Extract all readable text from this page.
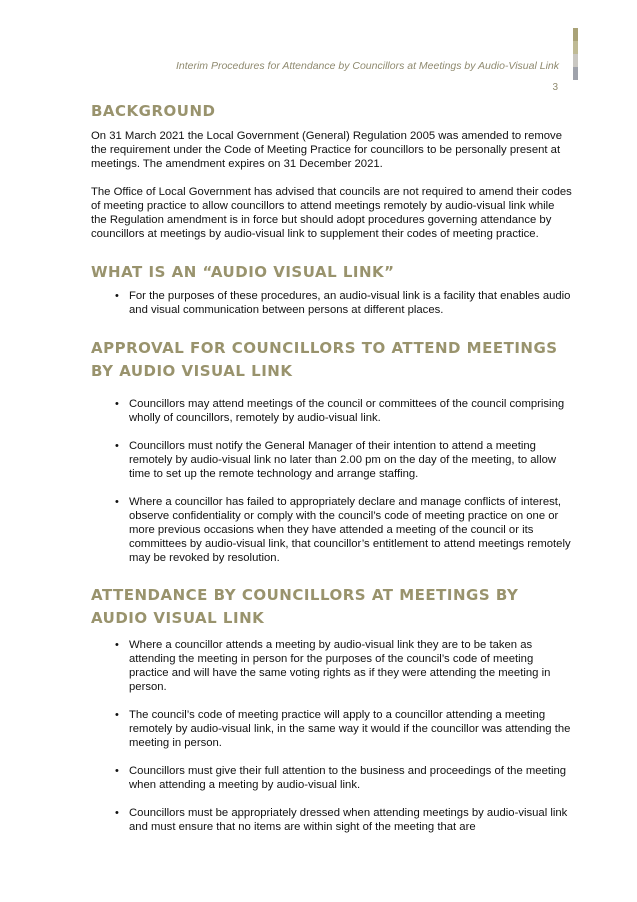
Interim Procedures for Attendance by Councillors at Meetings by Audio-Visual Link
3
BACKGROUND

On 31 March 2021 the Local Government (General) Regulation 2005 was amended to remove the requirement under the Code of Meeting Practice for councillors to be personally present at meetings. The amendment expires on 31 December 2021.

The Office of Local Government has advised that councils are not required to amend their codes of meeting practice to allow councillors to attend meetings remotely by audio-visual link while the Regulation amendment is in force but should adopt procedures governing attendance by councillors at meetings by audio-visual link to supplement their codes of meeting practice.

WHAT IS AN “AUDIO VISUAL LINK”
• For the purposes of these procedures, an audio-visual link is a facility that enables audio and visual communication between persons at different places.
APPROVAL FOR COUNCILLORS TO ATTEND MEETINGS BY AUDIO VISUAL LINK
• Councillors may attend meetings of the council or committees of the council comprising wholly of councillors, remotely by audio-visual link.
• Councillors must notify the General Manager of their intention to attend a meeting remotely by audio-visual link no later than 2.00 pm on the day of the meeting, to allow time to set up the remote technology and arrange staffing.
• Where a councillor has failed to appropriately declare and manage conflicts of interest, observe confidentiality or comply with the council’s code of meeting practice on one or more previous occasions when they have attended a meeting of the council or its committees by audio-visual link, that councillor’s entitlement to attend meetings remotely may be revoked by resolution.
ATTENDANCE BY COUNCILLORS AT MEETINGS BY AUDIO VISUAL LINK
• Where a councillor attends a meeting by audio-visual link they are to be taken as attending the meeting in person for the purposes of the council’s code of meeting practice and will have the same voting rights as if they were attending the meeting in person.
• The council’s code of meeting practice will apply to a councillor attending a meeting remotely by audio-visual link, in the same way it would if the councillor was attending the meeting in person.
• Councillors must give their full attention to the business and proceedings of the meeting when attending a meeting by audio-visual link.
• Councillors must be appropriately dressed when attending meetings by audio-visual link and must ensure that no items are within sight of the meeting that are
